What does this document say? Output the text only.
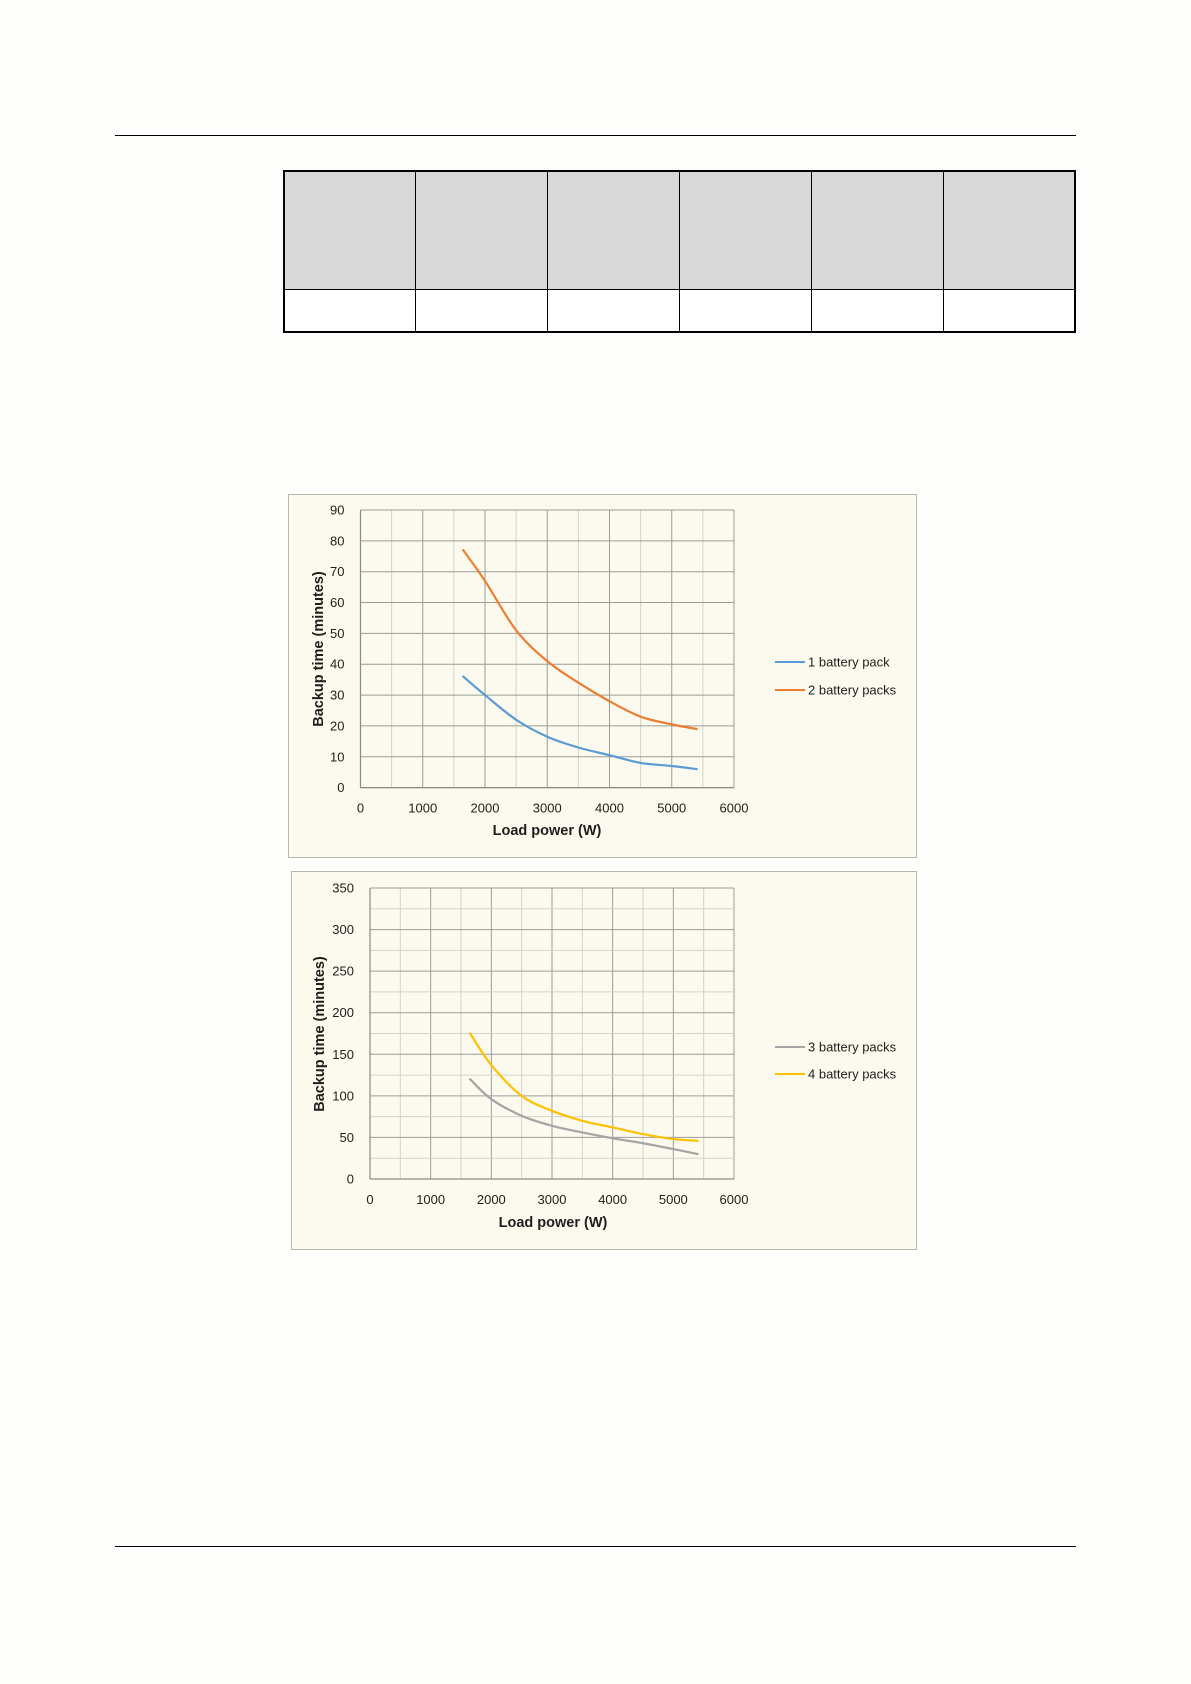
0
10
20
30
40
50
60
70
80
90
0	1000	2000	3000	4000	5000	6000
Backup time (minutes)
Load power (W)
1 battery pack
2 battery packs
0
50
100
150
200
250
300
350
0	1000 2000 3000 4000 5000 6000
Backup time (minutes)
Load power (W)
3 battery packs
4 battery packs
